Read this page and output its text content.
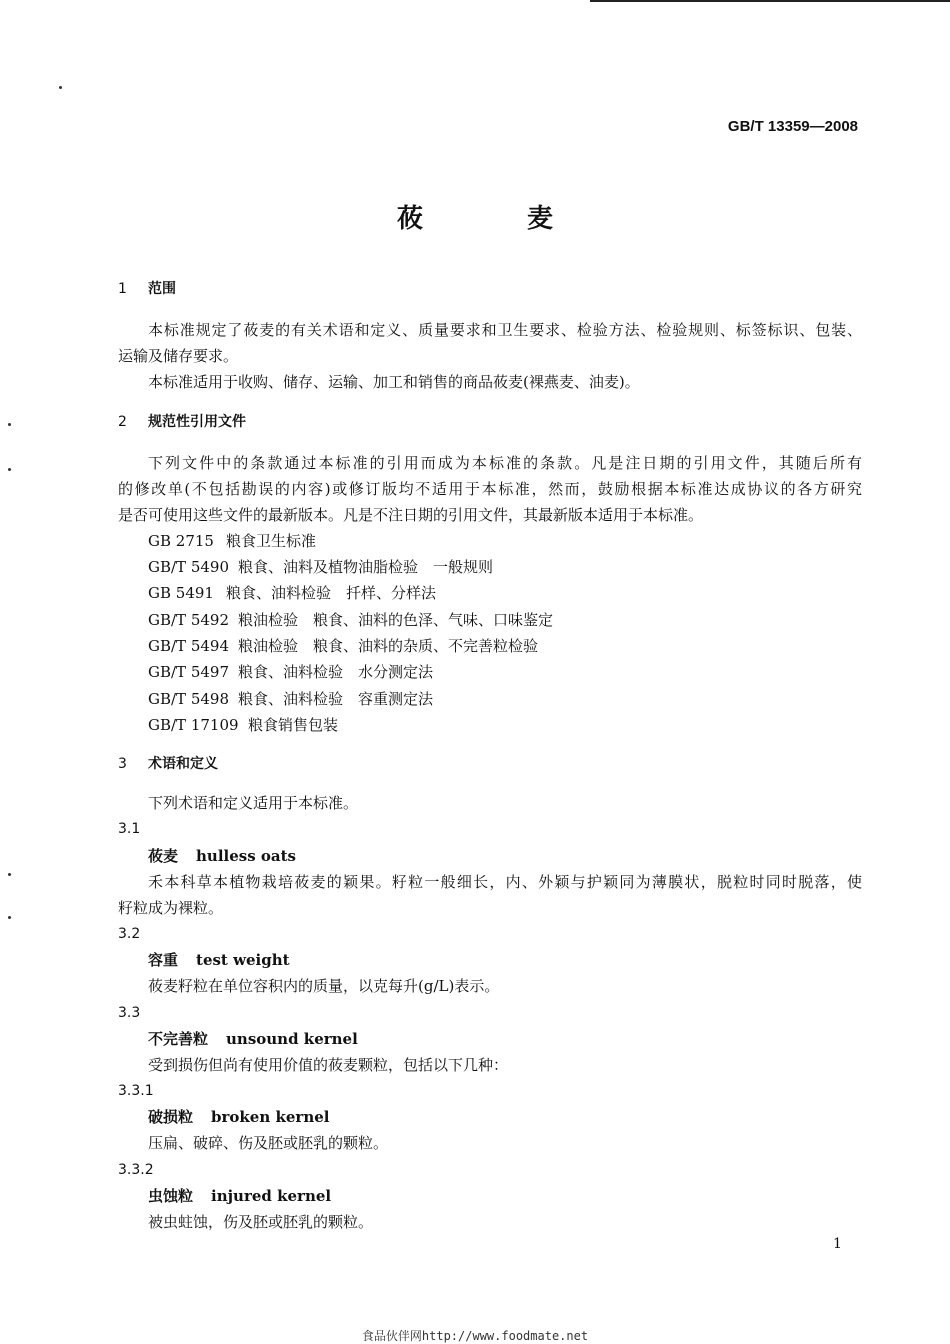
GB/T 13359—2008
莜麦
1 范围
本标准规定了莜麦的有关术语和定义、质量要求和卫生要求、检验方法、检验规则、标签标识、包装、
运输及储存要求。
本标准适用于收购、储存、运输、加工和销售的商品莜麦(裸燕麦、油麦)。
2 规范性引用文件
下列文件中的条款通过本标准的引用而成为本标准的条款。凡是注日期的引用文件，其随后所有
的修改单(不包括勘误的内容)或修订版均不适用于本标准，然而，鼓励根据本标准达成协议的各方研究
是否可使用这些文件的最新版本。凡是不注日期的引用文件，其最新版本适用于本标准。
GB 2715 粮食卫生标准
GB/T 5490 粮食、油料及植物油脂检验　一般规则
GB 5491 粮食、油料检验　扦样、分样法
GB/T 5492 粮油检验　粮食、油料的色泽、气味、口味鉴定
GB/T 5494 粮油检验　粮食、油料的杂质、不完善粒检验
GB/T 5497 粮食、油料检验　水分测定法
GB/T 5498 粮食、油料检验　容重测定法
GB/T 17109 粮食销售包装
3 术语和定义
下列术语和定义适用于本标准。
3.1
莜麦 hulless oats
禾本科草本植物栽培莜麦的颖果。籽粒一般细长，内、外颖与护颖同为薄膜状，脱粒时同时脱落，使
籽粒成为裸粒。
3.2
容重 test weight
莜麦籽粒在单位容积内的质量，以克每升(g/L)表示。
3.3
不完善粒 unsound kernel
受到损伤但尚有使用价值的莜麦颗粒，包括以下几种：
3.3.1
破损粒 broken kernel
压扁、破碎、伤及胚或胚乳的颗粒。
3.3.2
虫蚀粒 injured kernel
被虫蛀蚀，伤及胚或胚乳的颗粒。
1
食品伙伴网http://www.foodmate.net
